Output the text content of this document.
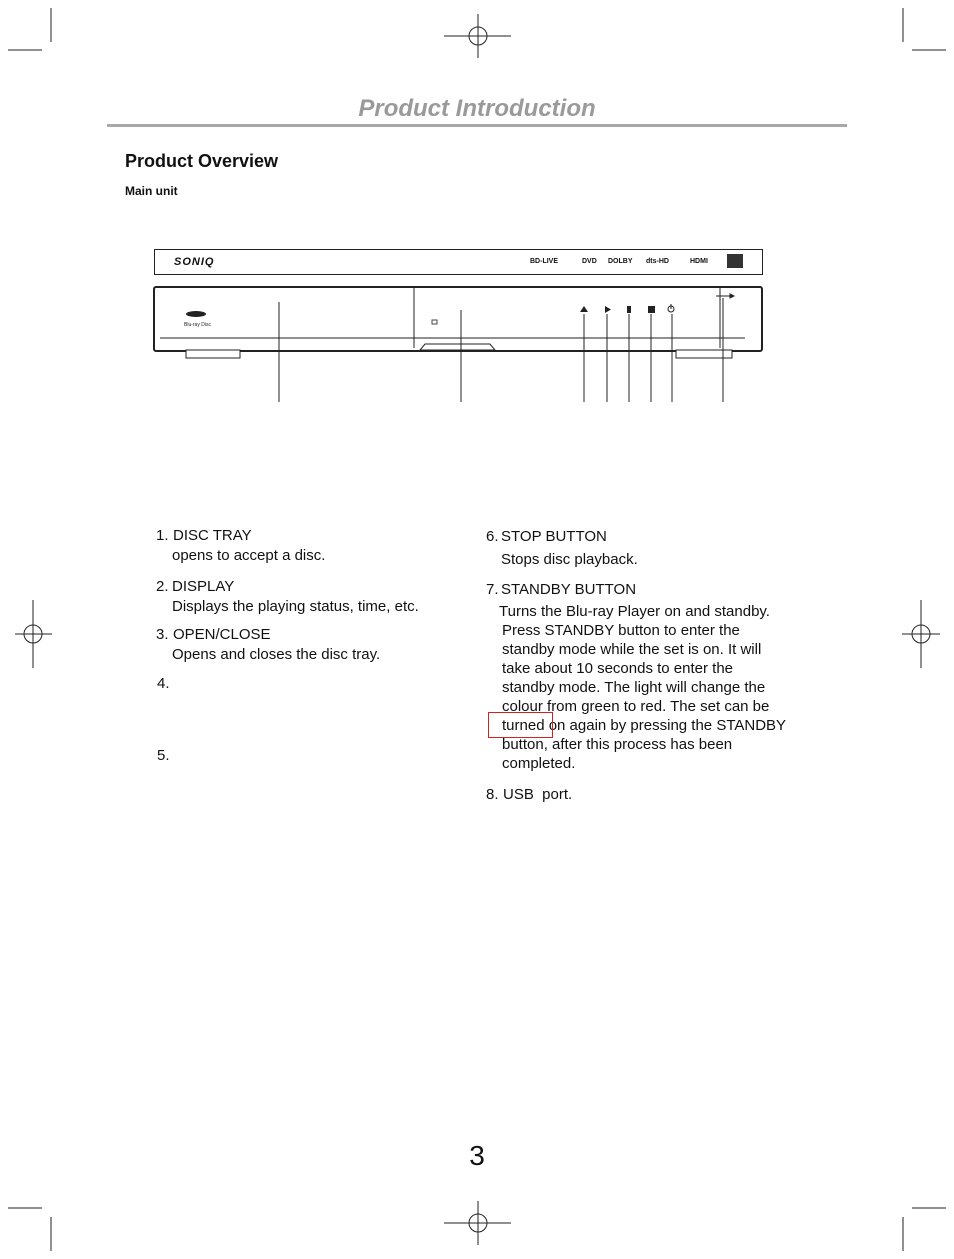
Product Introduction
Product Overview
Main unit
SONIQ	BD-LIVE	DVD DOLBY dts-HD	HDMI
Blu-ray Disc
1. DISC TRAY
opens to accept a disc.
2. DISPLAY
Displays the playing status, time, etc.
3. OPEN/CLOSE
Opens and closes the disc tray.
4.
5.
6. STOP BUTTON
Stops disc playback.
7. STANDBY BUTTON
Turns the Blu-ray Player on and standby.
Press STANDBY button to enter the
standby mode while the set is on. It will
take about 10 seconds to enter the
standby mode. The light will change the
colour from green to red. The set can be
turned on again by pressing the STANDBY
button, after this process has been
completed.
8. USB  port.
3
